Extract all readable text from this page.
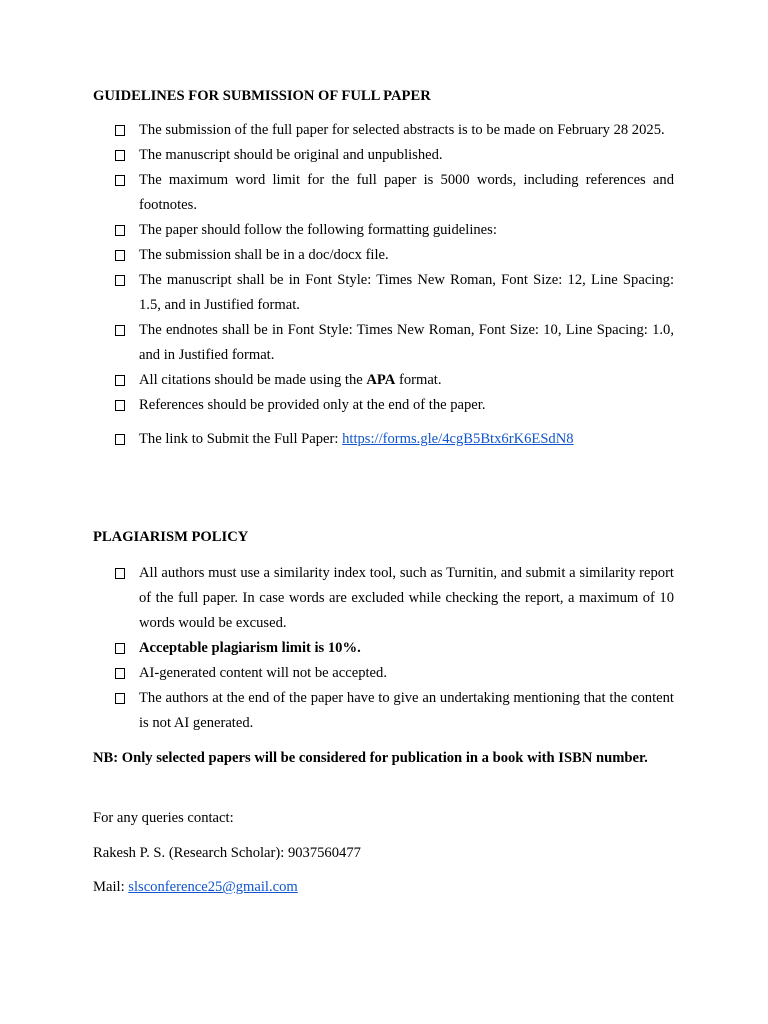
GUIDELINES FOR SUBMISSION OF FULL PAPER
The submission of the full paper for selected abstracts is to be made on February 28 2025.
The manuscript should be original and unpublished.
The maximum word limit for the full paper is 5000 words, including references and footnotes.
The paper should follow the following formatting guidelines:
The submission shall be in a doc/docx file.
The manuscript shall be in Font Style: Times New Roman, Font Size: 12, Line Spacing: 1.5, and in Justified format.
The endnotes shall be in Font Style: Times New Roman, Font Size: 10, Line Spacing: 1.0, and in Justified format.
All citations should be made using the APA format.
References should be provided only at the end of the paper.
The link to Submit the Full Paper: https://forms.gle/4cgB5Btx6rK6ESdN8
PLAGIARISM POLICY
All authors must use a similarity index tool, such as Turnitin, and submit a similarity report of the full paper. In case words are excluded while checking the report, a maximum of 10 words would be excused.
Acceptable plagiarism limit is 10%.
AI-generated content will not be accepted.
The authors at the end of the paper have to give an undertaking mentioning that the content is not AI generated.
NB: Only selected papers will be considered for publication in a book with ISBN number.
For any queries contact:
Rakesh P. S. (Research Scholar): 9037560477
Mail: slsconference25@gmail.com
